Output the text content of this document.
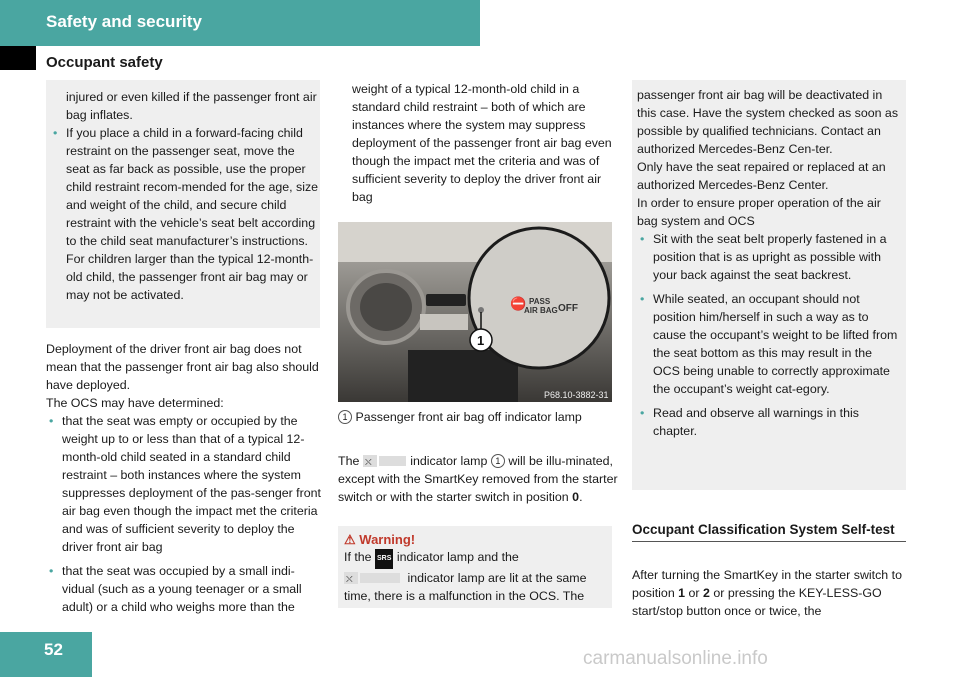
Safety and security
Occupant safety

injured or even killed if the passenger front air bag inflates.

• If you place a child in a forward-facing child restraint on the passenger seat, move the seat as far back as possible, use the proper child restraint recom-mended for the age, size and weight of the child, and secure child restraint with the vehicle’s seat belt according to the child seat manufacturer’s instructions. For children larger than the typical 12-month-old child, the passenger front air bag may or may not be activated.

Deployment of the driver front air bag does not mean that the passenger front air bag also should have deployed.

The OCS may have determined:

• that the seat was empty or occupied by the weight up to or less than that of a typical 12-month-old child seated in a standard child restraint – both instances where the system suppresses deployment of the pas-senger front air bag even though the impact met the criteria and was of sufficient severity to deploy the driver front air bag
• that the seat was occupied by a small indi-vidual (such as a young teenager or a small adult) or a child who weighs more than the

weight of a typical 12-month-old child in a standard child restraint – both of which are instances where the system may suppress deployment of the passenger front air bag even though the impact met the criteria and was of sufficient severity to deploy the driver front air bag

⛔ PASS
AIR BAG OFF
1
P68.10-3882-31

1 Passenger front air bag off indicator lamp

The ⛌	indicator lamp 1 will be illu-minated, except with the SmartKey removed from the starter switch or with the starter switch in position 0.

⚠ Warning!

If the SRS indicator lamp and the

⛌	indicator lamp are lit at the same time, there is a malfunction in the OCS. The

passenger front air bag will be deactivated in this case. Have the system checked as soon as possible by qualified technicians. Contact an authorized Mercedes-Benz Cen-ter.

Only have the seat repaired or replaced at an authorized Mercedes-Benz Center.

In order to ensure proper operation of the air bag system and OCS

• Sit with the seat belt properly fastened in a position that is as upright as possible with your back against the seat backrest.
• While seated, an occupant should not position him/herself in such a way as to cause the occupant’s weight to be lifted from the seat bottom as this may result in the OCS being unable to correctly approximate the occupant’s weight cat-egory.
• Read and observe all warnings in this chapter.
Occupant Classification System Self-test

After turning the SmartKey in the starter switch to position 1 or 2 or pressing the KEY-LESS-GO start/stop button once or twice, the

52	carmanualsonline.info
